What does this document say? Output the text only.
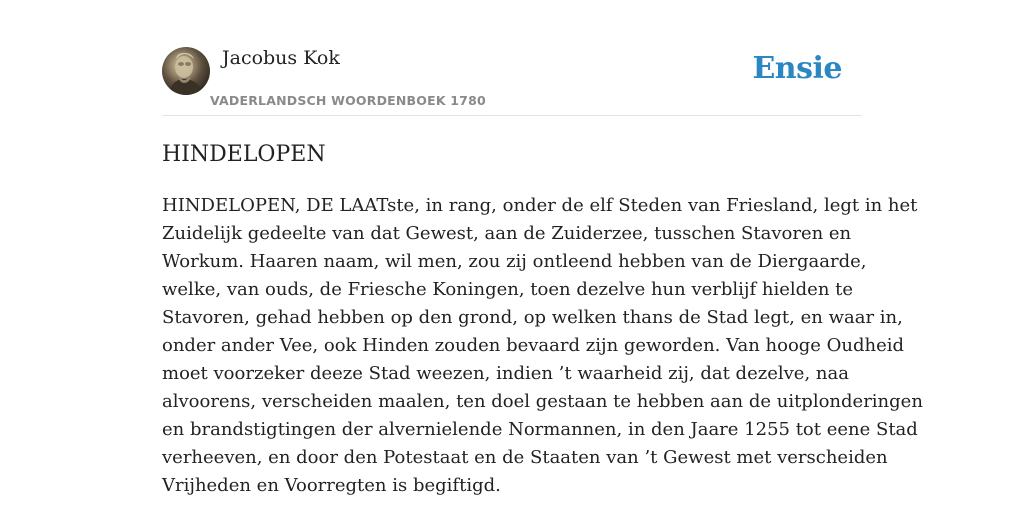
Jacobus Kok
VADERLANDSCH WOORDENBOEK 1780
Ensie
HINDELOPEN

HINDELOPEN, DE LAATste, in rang, onder de elf Steden van Friesland, legt in het
Zuidelijk gedeelte van dat Gewest, aan de Zuiderzee, tusschen Stavoren en
Workum. Haaren naam, wil men, zou zij ontleend hebben van de Diergaarde,
welke, van ouds, de Friesche Koningen, toen dezelve hun verblijf hielden te
Stavoren, gehad hebben op den grond, op welken thans de Stad legt, en waar in,
onder ander Vee, ook Hinden zouden bevaard zijn geworden. Van hooge Oudheid
moet voorzeker deeze Stad weezen, indien ’t waarheid zij, dat dezelve, naa
alvoorens, verscheiden maalen, ten doel gestaan te hebben aan de uitplonderingen
en brandstigtingen der alvernielende Normannen, in den Jaare 1255 tot eene Stad
verheeven, en door den Potestaat en de Staaten van ’t Gewest met verscheiden
Vrijheden en Voorregten is begiftigd.
